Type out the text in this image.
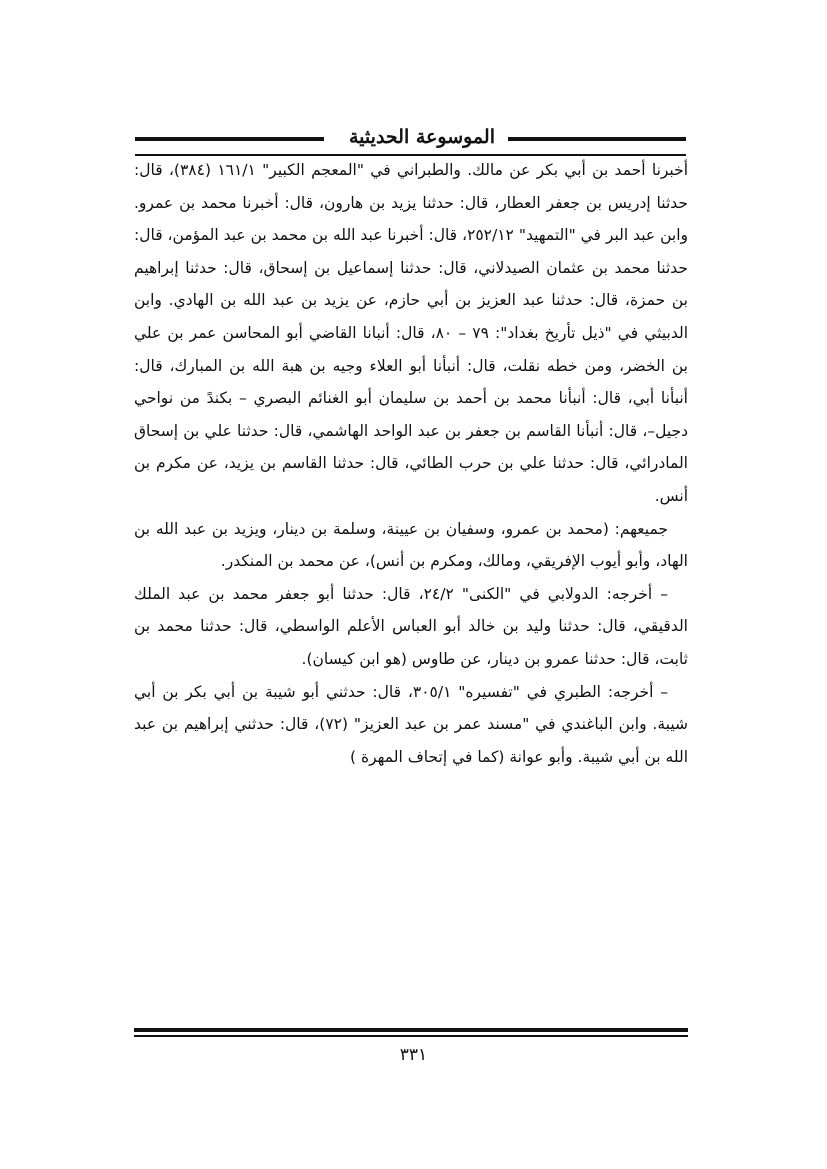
الموسوعة الحديثية

أخبرنا أحمد بن أبي بكر عن مالك. والطبراني في "المعجم الكبير" ١٦١/١ (٣٨٤)، قال: حدثنا إدريس بن جعفر العطار، قال: حدثنا يزيد بن هارون، قال: أخبرنا محمد بن عمرو. وابن عبد البر في "التمهيد" ٢٥٢/١٢، قال: أخبرنا عبد الله بن محمد بن عبد المؤمن، قال: حدثنا محمد بن عثمان الصيدلاني، قال: حدثنا إسماعيل بن إسحاق، قال: حدثنا إبراهيم بن حمزة، قال: حدثنا عبد العزيز بن أبي حازم، عن يزيد بن عبد الله بن الهادي. وابن الدبيثي في "ذيل تأريخ بغداد": ٧٩ – ٨٠، قال: أنبانا القاضي أبو المحاسن عمر بن علي بن الخضر، ومن خطه نقلت، قال: أنبأنا أبو العلاء وجيه بن هبة الله بن المبارك، قال: أنبأنا أبي، قال: أنبأنا محمد بن أحمد بن سليمان أبو الغنائم البصري – بكندً من نواحي دجيل–، قال: أنبأنا القاسم بن جعفر بن عبد الواحد الهاشمي، قال: حدثنا علي بن إسحاق المادرائي، قال: حدثنا علي بن حرب الطائي، قال: حدثنا القاسم بن يزيد، عن مكرم بن أنس.

جميعهم: (محمد بن عمرو، وسفيان بن عيينة، وسلمة بن دينار، ويزيد بن عبد الله بن الهاد، وأبو أيوب الإفريقي، ومالك، ومكرم بن أنس)، عن محمد بن المنكدر.

– أخرجه: الدولابي في "الكنى" ٢٤/٢، قال: حدثنا أبو جعفر محمد بن عبد الملك الدقيقي، قال: حدثنا وليد بن خالد أبو العباس الأعلم الواسطي، قال: حدثنا محمد بن ثابت، قال: حدثنا عمرو بن دينار، عن طاوس (هو ابن كيسان).

– أخرجه: الطبري في "تفسيره" ٣٠٥/١، قال: حدثني أبو شيبة بن أبي بكر بن أبي شيبة. وابن الباغندي في "مسند عمر بن عبد العزيز" (٧٢)، قال: حدثني إبراهيم بن عبد الله بن أبي شيبة. وأبو عوانة (كما في إتحاف المهرة )

٣٣١
